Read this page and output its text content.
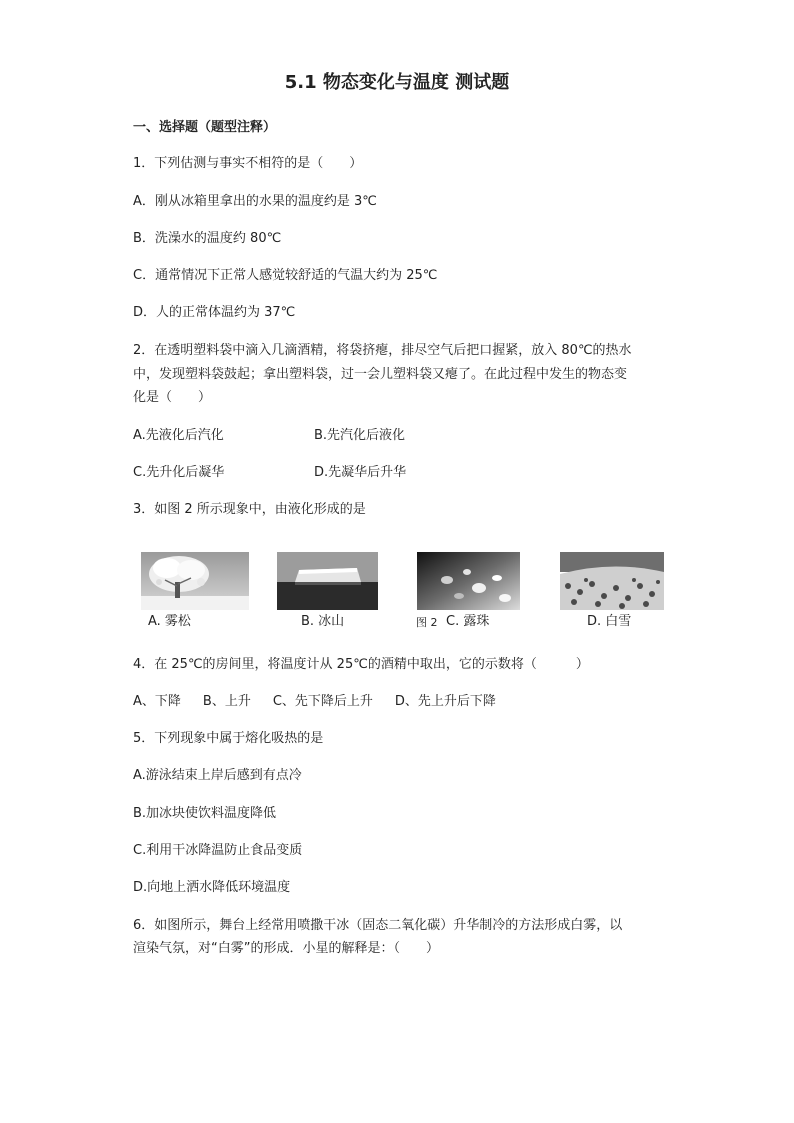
5.1 物态变化与温度 测试题
一、选择题（题型注释）
1．下列估测与事实不相符的是（　　）
A．刚从冰箱里拿出的水果的温度约是 3℃
B．洗澡水的温度约 80℃
C．通常情况下正常人感觉较舒适的气温大约为 25℃
D．人的正常体温约为 37℃
2．在透明塑料袋中滴入几滴酒精，将袋挤瘪，排尽空气后把口握紧，放入 80℃的热水
中，发现塑料袋鼓起；拿出塑料袋，过一会儿塑料袋又瘪了。在此过程中发生的物态变
化是（　　）
A.先液化后汽化	B.先汽化后液化
C.先升化后凝华	D.先凝华后升华
3．如图 2 所示现象中，由液化形成的是
A. 雾松	B. 冰山	图 2 C. 露珠	D. 白雪
4．在 25℃的房间里，将温度计从 25℃的酒精中取出，它的示数将（　　　）
A、下降 B、上升 C、先下降后上升 D、先上升后下降
5．下列现象中属于熔化吸热的是
A.游泳结束上岸后感到有点冷
B.加冰块使饮料温度降低
C.利用干冰降温防止食品变质
D.向地上洒水降低环境温度
6．如图所示，舞台上经常用喷撒干冰（固态二氧化碳）升华制冷的方法形成白雾，以
渲染气氛，对“白雾”的形成．小星的解释是：（　　）
